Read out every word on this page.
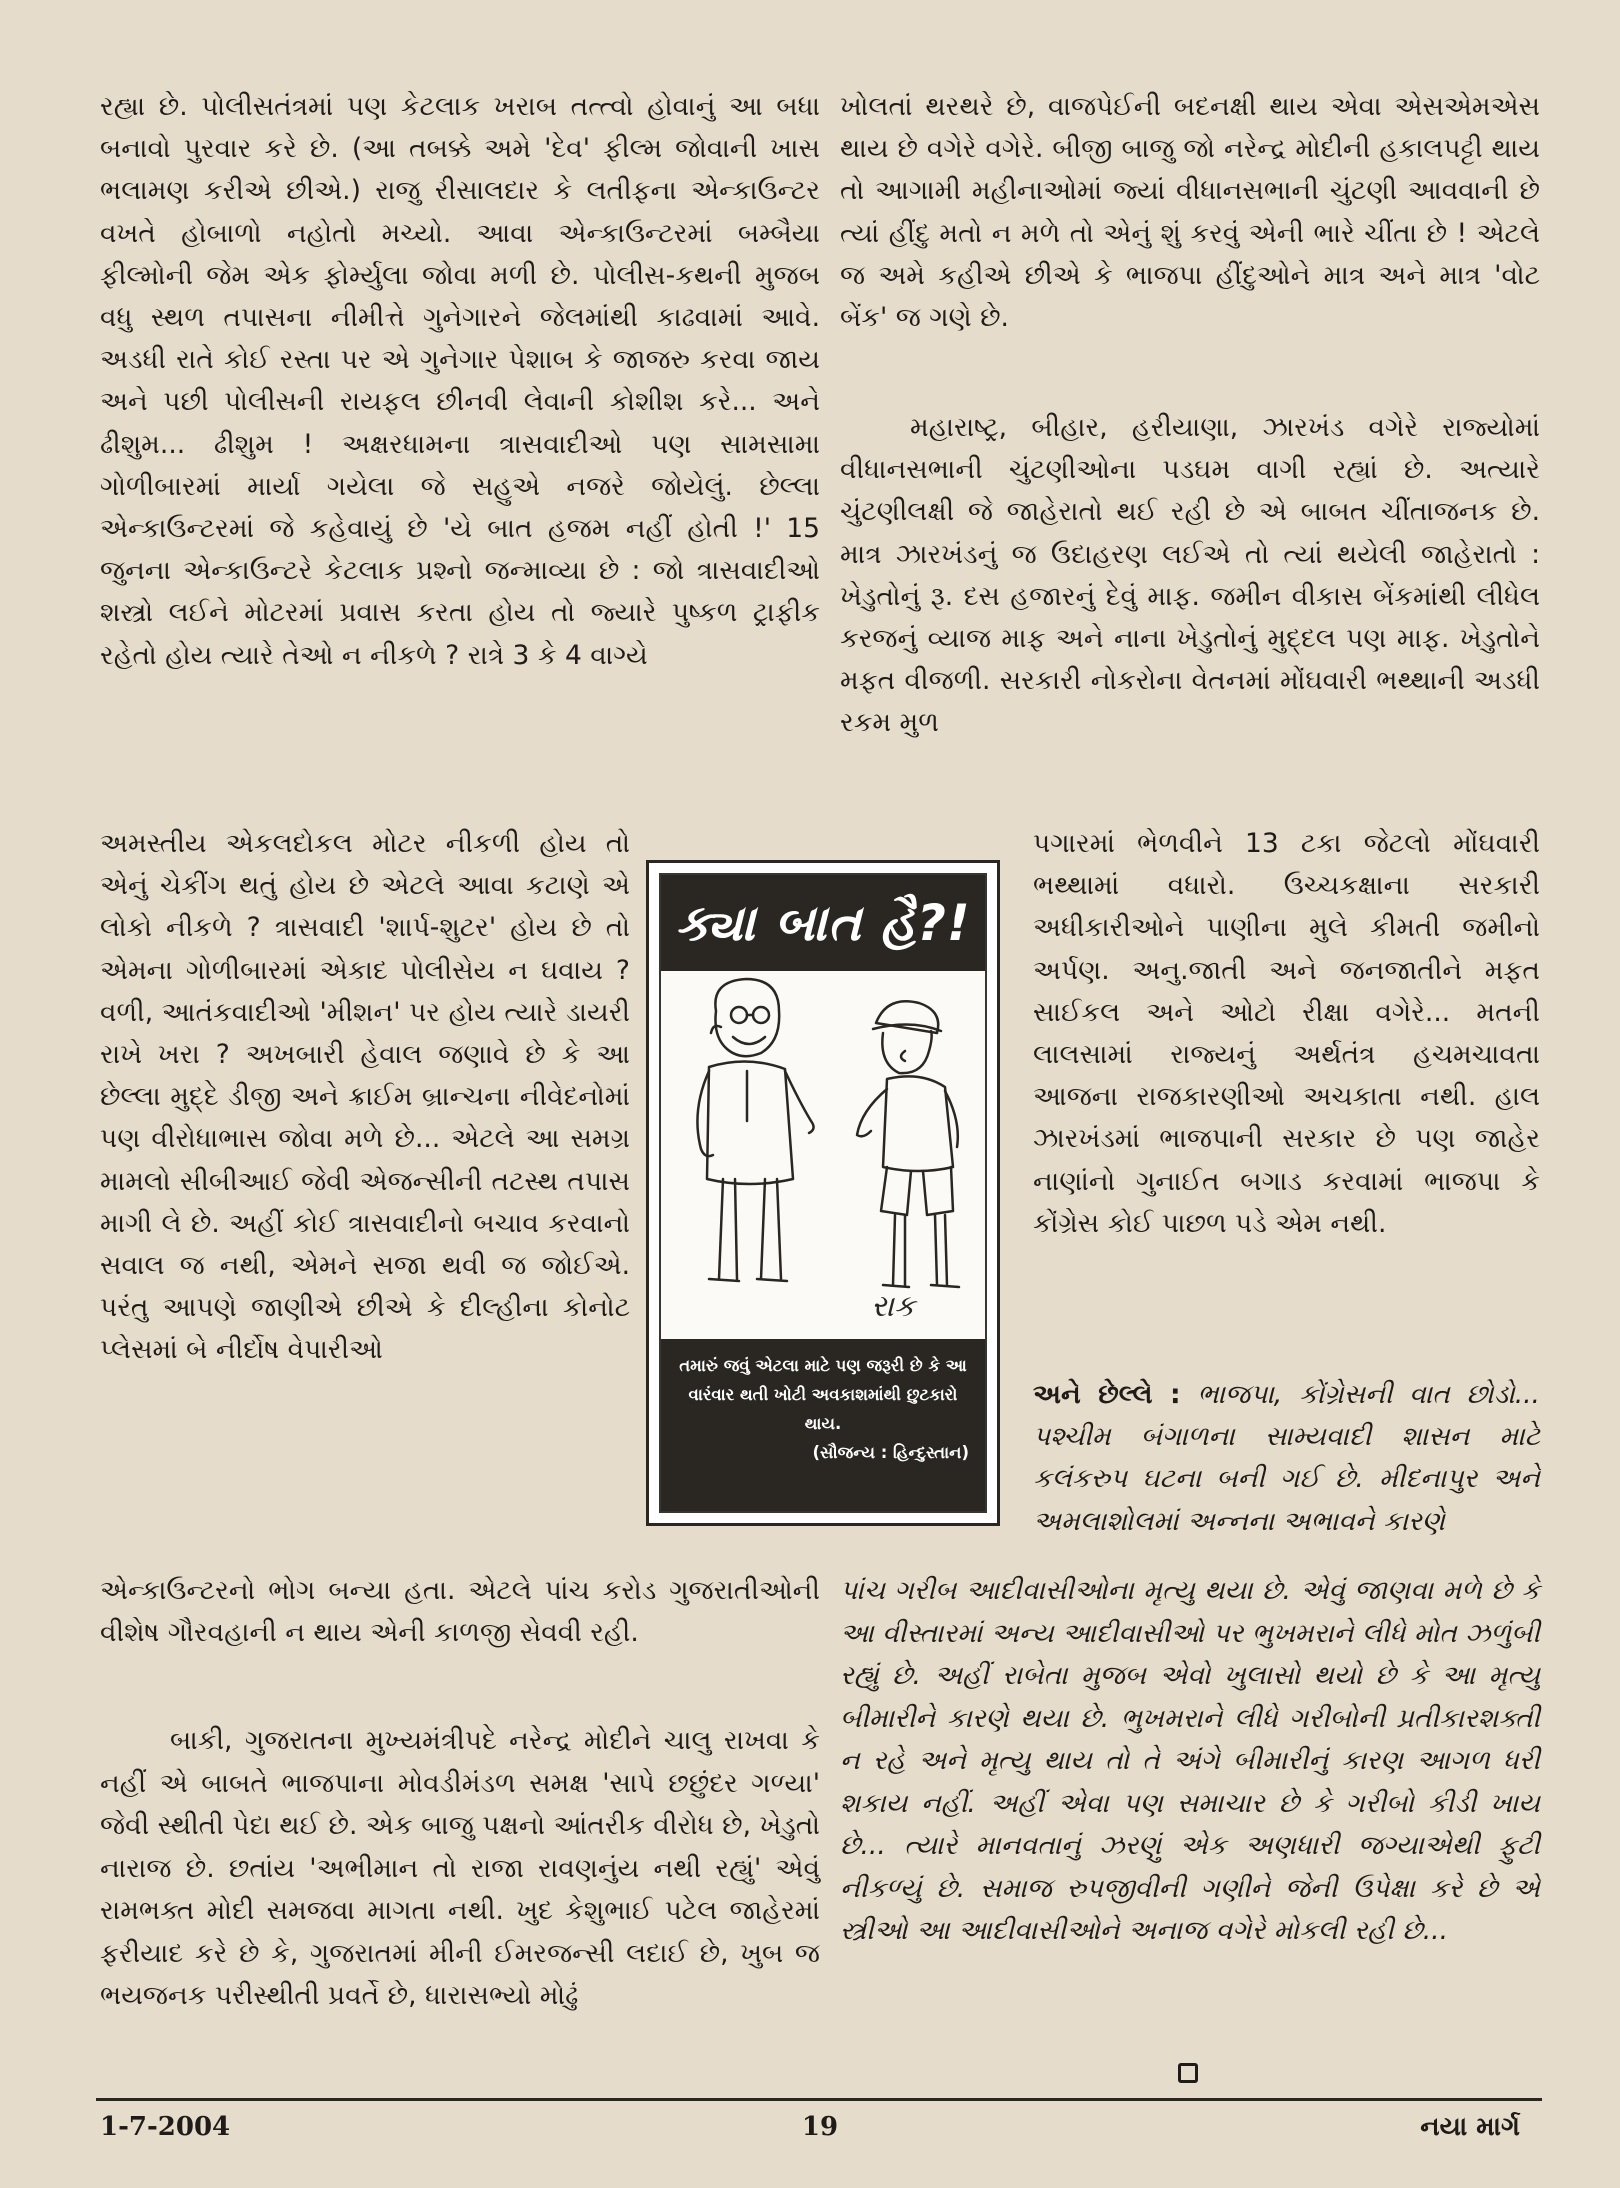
રહ્યા છે. પોલીસતંત્રમાં પણ કેટલાક ખરાબ તત્ત્વો હોવાનું આ બધા બનાવો પુરવાર કરે છે. (આ તબક્કે અમે 'દેવ' ફીલ્મ જોવાની ખાસ ભલામણ કરીએ છીએ.) રાજુ રીસાલદાર કે લતીફના એન્કાઉન્ટર વખતે હોબાળો નહોતો મચ્યો. આવા એન્કાઉન્ટરમાં બમ્બૈયા ફીલ્મોની જેમ એક ફોર્મ્યુલા જોવા મળી છે. પોલીસ-કથની મુજબ વધુ સ્થળ તપાસના નીમીત્તે ગુનેગારને જેલમાંથી કાઢવામાં આવે. અડધી રાતે કોઈ રસ્તા પર એ ગુનેગાર પેશાબ કે જાજરુ કરવા જાય અને પછી પોલીસની રાયફલ છીનવી લેવાની કોશીશ કરે... અને ઢીશુમ... ઢીશુમ ! અક્ષરધામના ત્રાસવાદીઓ પણ સામસામા ગોળીબારમાં માર્યા ગયેલા જે સહુએ નજરે જોયેલું. છેલ્લા એન્કાઉન્ટરમાં જે કહેવાયું છે 'યે બાત હજમ નહીં હોતી !' 15 જુનના એન્કાઉન્ટરે કેટલાક પ્રશ્નો જન્માવ્યા છે : જો ત્રાસવાદીઓ શસ્ત્રો લઈને મોટરમાં પ્રવાસ કરતા હોય તો જ્યારે પુષ્કળ ટ્રાફીક રહેતો હોય ત્યારે તેઓ ન નીકળે ? રાત્રે 3 કે 4 વાગ્યે

અમસ્તીય એકલદોકલ મોટર નીકળી હોય તો એનું ચેકીંગ થતું હોય છે એટલે આવા કટાણે એ લોકો નીકળે ? ત્રાસવાદી 'શાર્પ-શુટર' હોય છે તો એમના ગોળીબારમાં એકાદ પોલીસેય ન ઘવાય ? વળી, આતંકવાદીઓ 'મીશન' પર હોય ત્યારે ડાયરી રાખે ખરા ? અખબારી હેવાલ જણાવે છે કે આ છેલ્લા મુદ્દે ડીજી અને ક્રાઈમ બ્રાન્ચના નીવેદનોમાં પણ વીરોધાભાસ જોવા મળે છે... એટલે આ સમગ્ર મામલો સીબીઆઈ જેવી એજન્સીની તટસ્થ તપાસ માગી લે છે. અહીં કોઈ ત્રાસવાદીનો બચાવ કરવાનો સવાલ જ નથી, એમને સજા થવી જ જોઈએ. પરંતુ આપણે જાણીએ છીએ કે દીલ્હીના કોનોટ પ્લેસમાં બે નીર્દોષ વેપારીઓ

એન્કાઉન્ટરનો ભોગ બન્યા હતા. એટલે પાંચ કરોડ ગુજરાતીઓની વીશેષ ગૌરવહાની ન થાય એની કાળજી સેવવી રહી.

બાકી, ગુજરાતના મુખ્યમંત્રીપદે નરેન્દ્ર મોદીને ચાલુ રાખવા કે નહીં એ બાબતે ભાજપાના મોવડીમંડળ સમક્ષ 'સાપે છછુંદર ગળ્યા' જેવી સ્થીતી પેદા થઈ છે. એક બાજુ પક્ષનો આંતરીક વીરોધ છે, ખેડુતો નારાજ છે. છતાંય 'અભીમાન તો રાજા રાવણનુંય નથી રહ્યું' એવું રામભક્ત મોદી સમજવા માગતા નથી. ખુદ કેશુભાઈ પટેલ જાહેરમાં ફરીયાદ કરે છે કે, ગુજરાતમાં મીની ઈમરજન્સી લદાઈ છે, ખુબ જ ભયજનક પરીસ્થીતી પ્રવર્તે છે, ધારાસભ્યો મોઢું

ખોલતાં થરથરે છે, વાજપેઈની બદનક્ષી થાય એવા એસએમએસ થાય છે વગેરે વગેરે. બીજી બાજુ જો નરેન્દ્ર મોદીની હકાલપટ્ટી થાય તો આગામી મહીનાઓમાં જ્યાં વીધાનસભાની ચુંટણી આવવાની છે ત્યાં હીંદુ મતો ન મળે તો એનું શું કરવું એની ભારે ચીંતા છે ! એટલે જ અમે કહીએ છીએ કે ભાજપા હીંદુઓને માત્ર અને માત્ર 'વોટ બેંક' જ ગણે છે.

મહારાષ્ટ્ર, બીહાર, હરીયાણા, ઝારખંડ વગેરે રાજ્યોમાં વીધાનસભાની ચુંટણીઓના પડઘમ વાગી રહ્યાં છે. અત્યારે ચુંટણીલક્ષી જે જાહેરાતો થઈ રહી છે એ બાબત ચીંતાજનક છે. માત્ર ઝારખંડનું જ ઉદાહરણ લઈએ તો ત્યાં થયેલી જાહેરાતો : ખેડુતોનું રૂ. દસ હજારનું દેવું માફ. જમીન વીકાસ બેંકમાંથી લીધેલ કરજનું વ્યાજ માફ અને નાના ખેડુતોનું મુદ્દલ પણ માફ. ખેડુતોને મફત વીજળી. સરકારી નોકરોના વેતનમાં મોંઘવારી ભથ્થાની અડધી રકમ મુળ

પગારમાં ભેળવીને 13 ટકા જેટલો મોંઘવારી ભથ્થામાં વધારો. ઉચ્ચકક્ષાના સરકારી અધીકારીઓને પાણીના મુલે કીમતી જમીનો અર્પણ. અનુ.જાતી અને જનજાતીને મફત સાઈકલ અને ઓટો રીક્ષા વગેરે... મતની લાલસામાં રાજ્યનું અર્થતંત્ર હચમચાવતા આજના રાજકારણીઓ અચકાતા નથી. હાલ ઝારખંડમાં ભાજપાની સરકાર છે પણ જાહેર નાણાંનો ગુનાઈત બગાડ કરવામાં ભાજપા કે કોંગ્રેસ કોઈ પાછળ પડે એમ નથી.

અને છેલ્લે : ભાજપા, કોંગ્રેસની વાત છોડો... પશ્ચીમ બંગાળના સામ્યવાદી શાસન માટે કલંકરુપ ઘટના બની ગઈ છે. મીદનાપુર અને અમલાશોલમાં અન્નના અભાવને કારણે

પાંચ ગરીબ આદીવાસીઓના મૃત્યુ થયા છે. એવું જાણવા મળે છે કે આ વીસ્તારમાં અન્ય આદીવાસીઓ પર ભુખમરાને લીધે મોત ઝળુંબી રહ્યું છે. અહીં રાબેતા મુજબ એવો ખુલાસો થયો છે કે આ મૃત્યુ બીમારીને કારણે થયા છે. ભુખમરાને લીધે ગરીબોની પ્રતીકારશક્તી ન રહે અને મૃત્યુ થાય તો તે અંગે બીમારીનું કારણ આગળ ધરી શકાય નહીં. અહીં એવા પણ સમાચાર છે કે ગરીબો કીડી ખાય છે... ત્યારે માનવતાનું ઝરણું એક અણધારી જગ્યાએથી ફુટી નીકળ્યું છે. સમાજ રુપજીવીની ગણીને જેની ઉપેક્ષા કરે છે એ સ્ત્રીઓ આ આદીવાસીઓને અનાજ વગેરે મોકલી રહી છે...

ક્યા બાત હૈ?!
રાક
તમારું જવું એટલા માટે પણ જરૂરી છે કે આ વારંવાર થતી ખોટી અવકાશમાંથી છુટકારો થાય.
(સૌજન્ય : હિન્દુસ્તાન)
1-7-2004	19	નયા માર્ગ
